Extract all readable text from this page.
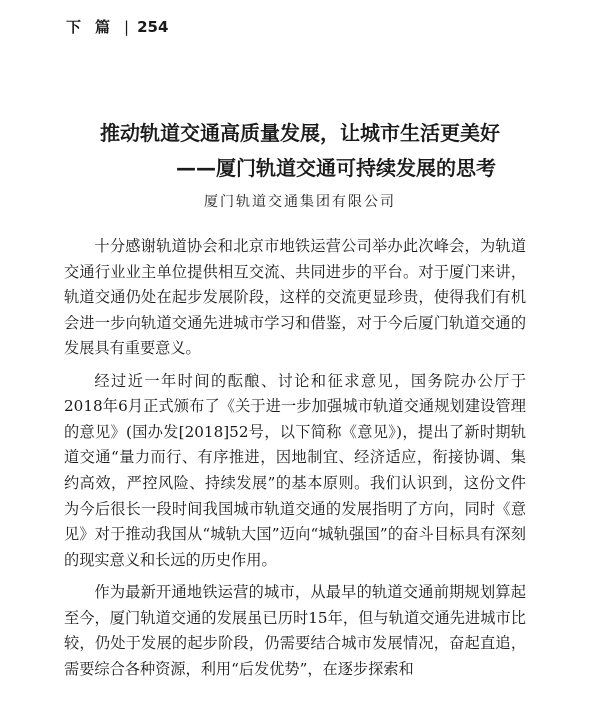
下篇 | 254
推动轨道交通高质量发展，让城市生活更美好
——厦门轨道交通可持续发展的思考
厦门轨道交通集团有限公司

十分感谢轨道协会和北京市地铁运营公司举办此次峰会，为轨道交通行业业主单位提供相互交流、共同进步的平台。对于厦门来讲，轨道交通仍处在起步发展阶段，这样的交流更显珍贵，使得我们有机会进一步向轨道交通先进城市学习和借鉴，对于今后厦门轨道交通的发展具有重要意义。

经过近一年时间的酝酿、讨论和征求意见，国务院办公厅于2018年6月正式颁布了《关于进一步加强城市轨道交通规划建设管理的意见》(国办发[2018]52号，以下简称《意见》)，提出了新时期轨道交通“量力而行、有序推进，因地制宜、经济适应，衔接协调、集约高效，严控风险、持续发展”的基本原则。我们认识到，这份文件为今后很长一段时间我国城市轨道交通的发展指明了方向，同时《意见》对于推动我国从“城轨大国”迈向“城轨强国”的奋斗目标具有深刻的现实意义和长远的历史作用。

作为最新开通地铁运营的城市，从最早的轨道交通前期规划算起至今，厦门轨道交通的发展虽已历时15年，但与轨道交通先进城市比较，仍处于发展的起步阶段，仍需要结合城市发展情况，奋起直追，需要综合各种资源，利用“后发优势”，在逐步探索和
